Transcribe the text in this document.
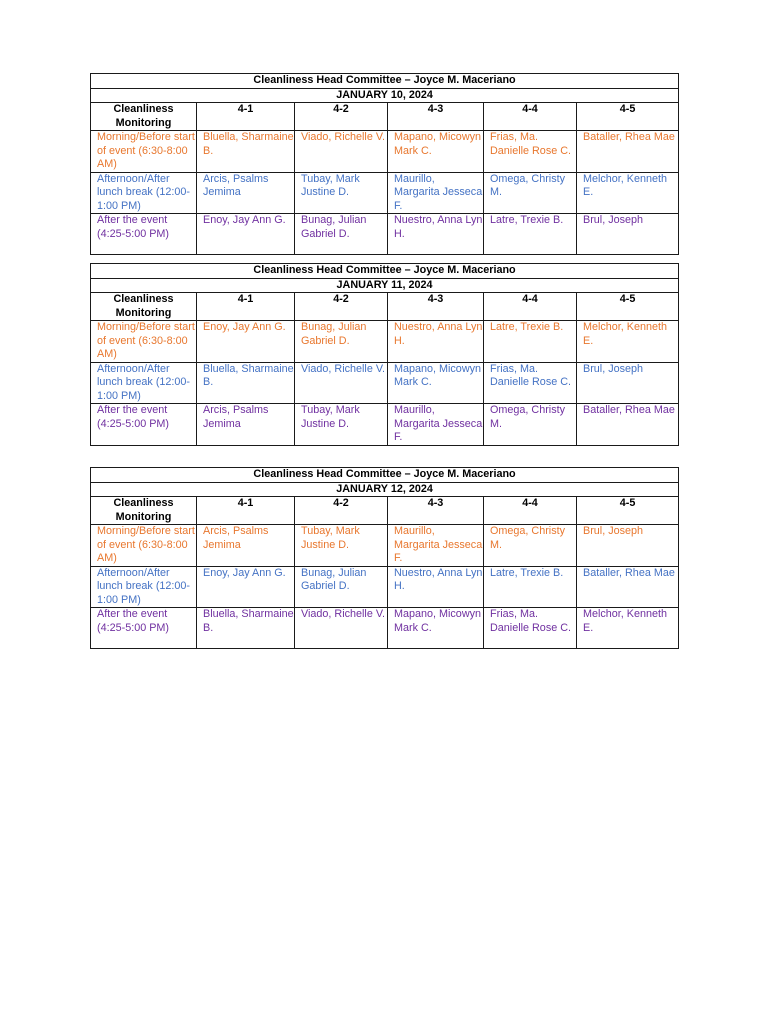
Cleanliness Head Committee – Joyce M. Maceriano					
JANUARY 10, 2024					
Cleanliness Monitoring	4-1	4-2	4-3	4-4	4-5
Morning/Before start of event (6:30-8:00 AM)	Bluella, Sharmaine B.	Viado, Richelle V.	Mapano, Micowyn Mark C.	Frias, Ma. Danielle Rose C.	Bataller, Rhea Mae
Afternoon/After lunch break (12:00-1:00 PM)	Arcis, Psalms Jemima	Tubay, Mark Justine D.	Maurillo, Margarita Jesseca F.	Omega, Christy M.	Melchor, Kenneth E.
After the event (4:25-5:00 PM)	Enoy, Jay Ann G.	Bunag, Julian Gabriel D.	Nuestro, Anna Lyn H.	Latre, Trexie B.	Brul, Joseph
Cleanliness Head Committee – Joyce M. Maceriano					
JANUARY 11, 2024					
Cleanliness Monitoring	4-1	4-2	4-3	4-4	4-5
Morning/Before start of event (6:30-8:00 AM)	Enoy, Jay Ann G.	Bunag, Julian Gabriel D.	Nuestro, Anna Lyn H.	Latre, Trexie B.	Melchor, Kenneth E.
Afternoon/After lunch break (12:00-1:00 PM)	Bluella, Sharmaine B.	Viado, Richelle V.	Mapano, Micowyn Mark C.	Frias, Ma. Danielle Rose C.	Brul, Joseph
After the event (4:25-5:00 PM)	Arcis, Psalms Jemima	Tubay, Mark Justine D.	Maurillo, Margarita Jesseca F.	Omega, Christy M.	Bataller, Rhea Mae
Cleanliness Head Committee – Joyce M. Maceriano					
JANUARY 12, 2024					
Cleanliness Monitoring	4-1	4-2	4-3	4-4	4-5
Morning/Before start of event (6:30-8:00 AM)	Arcis, Psalms Jemima	Tubay, Mark Justine D.	Maurillo, Margarita Jesseca F.	Omega, Christy M.	Brul, Joseph
Afternoon/After lunch break (12:00-1:00 PM)	Enoy, Jay Ann G.	Bunag, Julian Gabriel D.	Nuestro, Anna Lyn H.	Latre, Trexie B.	Bataller, Rhea Mae
After the event (4:25-5:00 PM)	Bluella, Sharmaine B.	Viado, Richelle V.	Mapano, Micowyn Mark C.	Frias, Ma. Danielle Rose C.	Melchor, Kenneth E.
